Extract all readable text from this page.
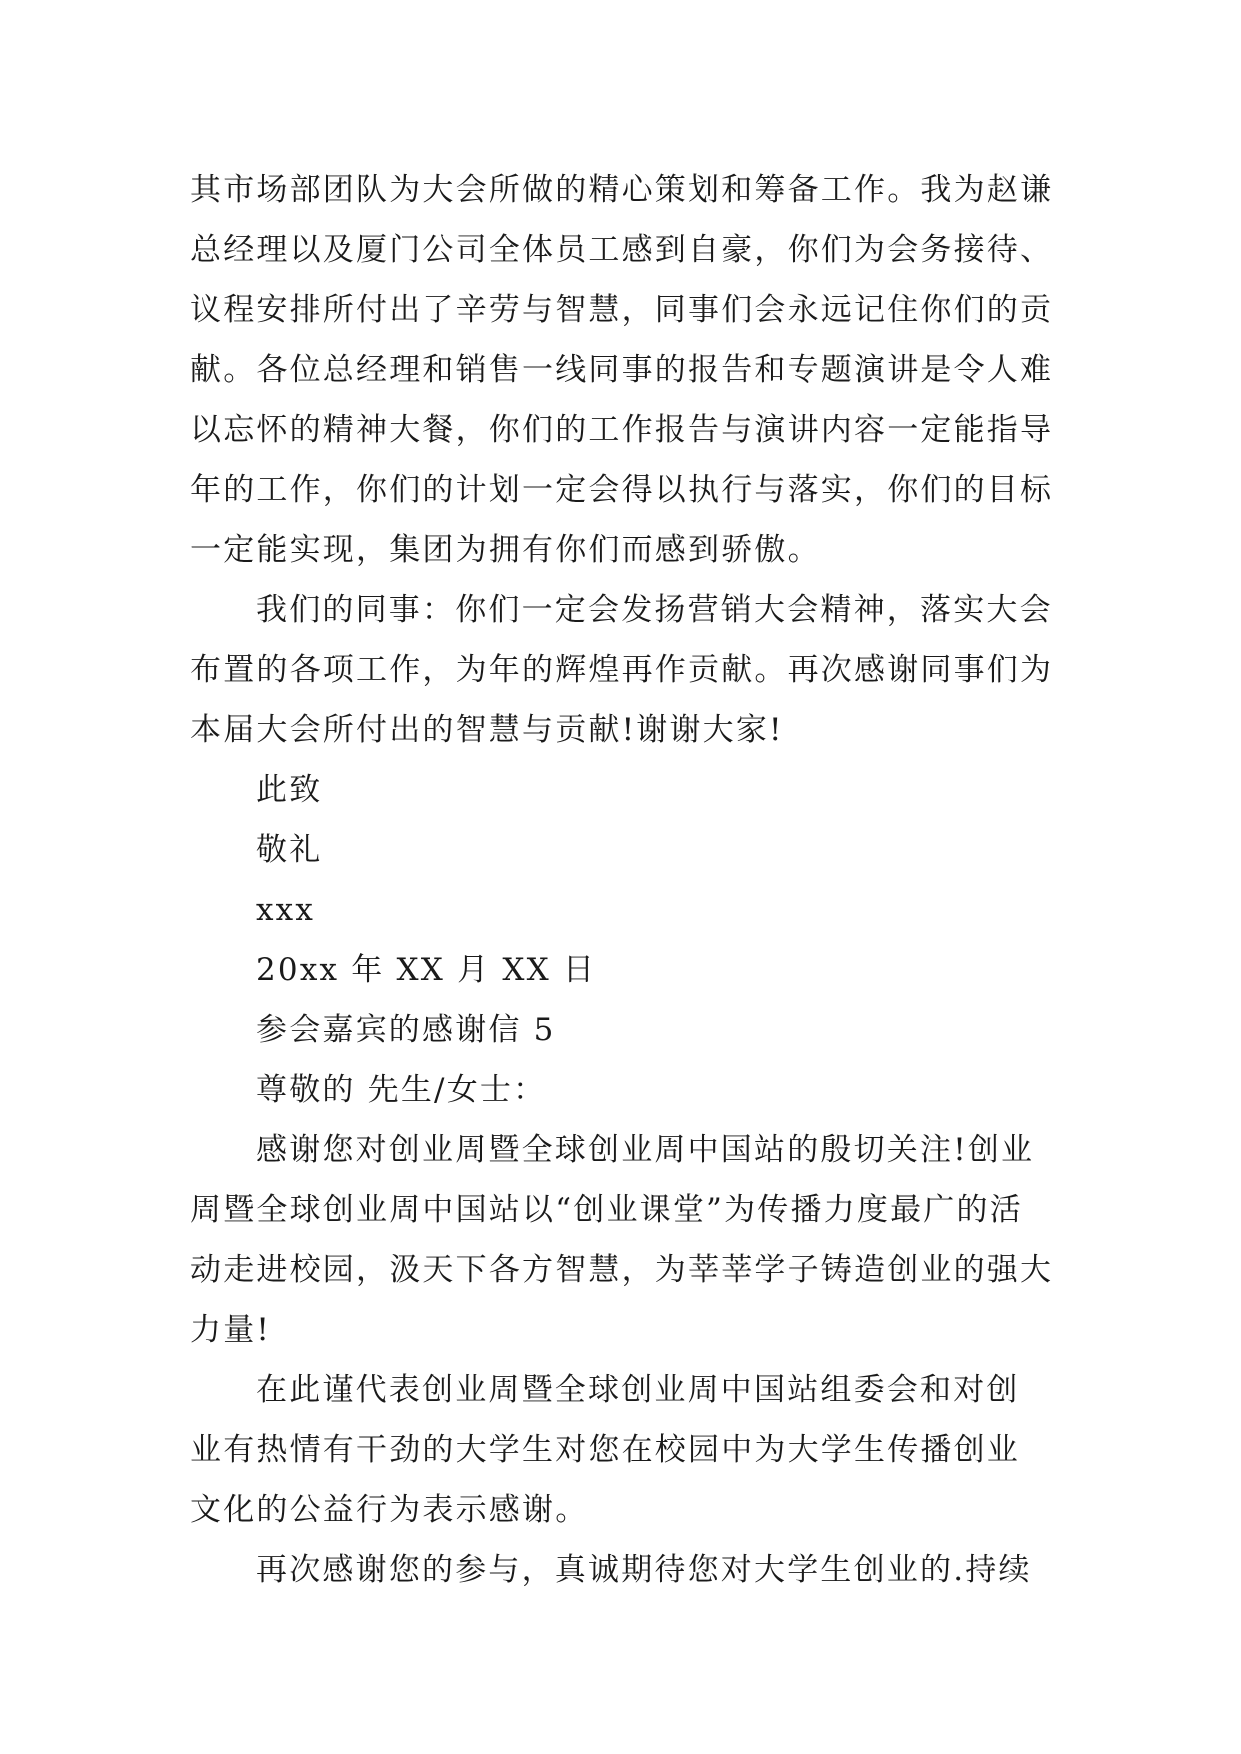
其市场部团队为大会所做的精心策划和筹备工作。我为赵谦
总经理以及厦门公司全体员工感到自豪，你们为会务接待、
议程安排所付出了辛劳与智慧，同事们会永远记住你们的贡
献。各位总经理和销售一线同事的报告和专题演讲是令人难
以忘怀的精神大餐，你们的工作报告与演讲内容一定能指导
年的工作，你们的计划一定会得以执行与落实，你们的目标
一定能实现，集团为拥有你们而感到骄傲。
我们的同事：你们一定会发扬营销大会精神，落实大会
布置的各项工作，为年的辉煌再作贡献。再次感谢同事们为
本届大会所付出的智慧与贡献!谢谢大家!
此致
敬礼
xxx
20xx 年 XX 月 XX 日
参会嘉宾的感谢信 5
尊敬的 先生/女士：
感谢您对创业周暨全球创业周中国站的殷切关注!创业
周暨全球创业周中国站以“创业课堂”为传播力度最广的活
动走进校园，汲天下各方智慧，为莘莘学子铸造创业的强大
力量!
在此谨代表创业周暨全球创业周中国站组委会和对创
业有热情有干劲的大学生对您在校园中为大学生传播创业
文化的公益行为表示感谢。
再次感谢您的参与，真诚期待您对大学生创业的.持续
